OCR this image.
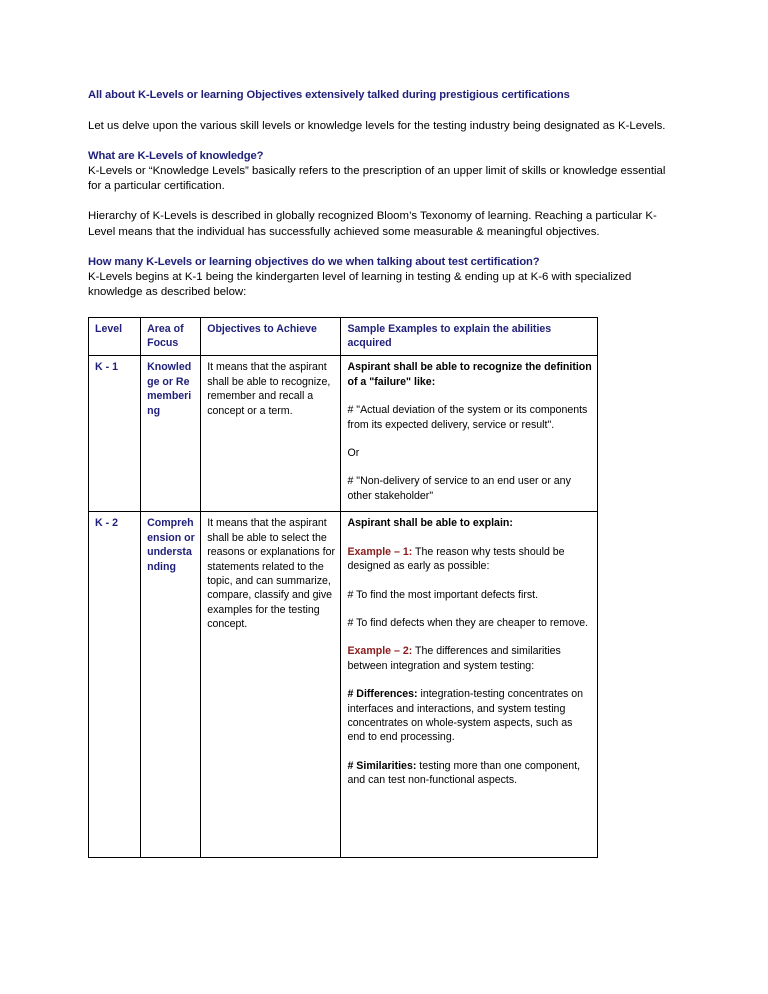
All about K-Levels or learning Objectives extensively talked during prestigious certifications

Let us delve upon the various skill levels or knowledge levels for the testing industry being designated as K-Levels.

What are K-Levels of knowledge?

K-Levels or “Knowledge Levels” basically refers to the prescription of an upper limit of skills or knowledge essential for a particular certification.

Hierarchy of K-Levels is described in globally recognized Bloom’s Texonomy of learning. Reaching a particular K-Level means that the individual has successfully achieved some measurable & meaningful objectives.

How many K-Levels or learning objectives do we when talking about test certification?

K-Levels begins at K-1 being the kindergarten level of learning in testing & ending up at K-6 with specialized knowledge as described below:

Level	Area of Focus	Objectives to Achieve	Sample Examples to explain the abilities acquired
K - 1	Knowledge or Remembering	It means that the aspirant shall be able to recognize, remember and recall a concept or a term.	Aspirant shall be able to recognize the definition of a "failure" like:
# "Actual deviation of the system or its components from its expected delivery, service or result".
Or
# "Non-delivery of service to an end user or any other stakeholder"

K - 2	Comprehension or understanding	It means that the aspirant shall be able to select the reasons or explanations for statements related to the topic, and can summarize, compare, classify and give examples for the testing concept.	
Aspirant shall be able to explain:
Example – 1: The reason why tests should be designed as early as possible:
# To find the most important defects first.
# To find defects when they are cheaper to remove.
Example – 2: The differences and similarities between integration and system testing:
# Differences: integration-testing concentrates on interfaces and interactions, and system testing concentrates on whole-system aspects, such as end to end processing.
# Similarities: testing more than one component, and can test non-functional aspects.
